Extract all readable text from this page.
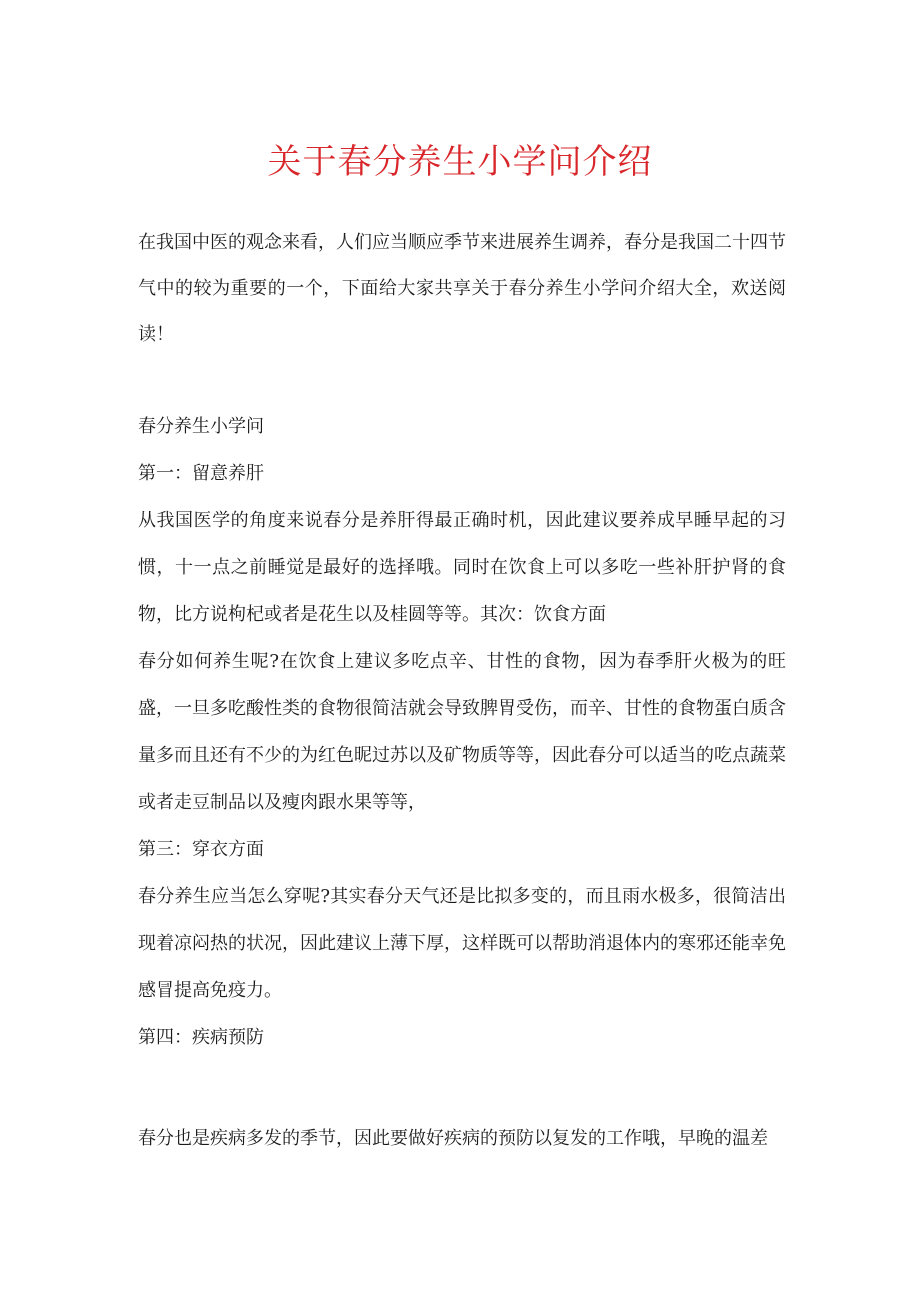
关于春分养生小学问介绍

在我国中医的观念来看，人们应当顺应季节来进展养生调养，春分是我国二十四节气中的较为重要的一个，下面给大家共享关于春分养生小学问介绍大全，欢送阅读！

春分养生小学问

第一：留意养肝

从我国医学的角度来说春分是养肝得最正确时机，因此建议要养成早睡早起的习惯，十一点之前睡觉是最好的选择哦。同时在饮食上可以多吃一些补肝护肾的食物，比方说枸杞或者是花生以及桂圆等等。其次：饮食方面

春分如何养生呢?在饮食上建议多吃点辛、甘性的食物，因为春季肝火极为的旺盛，一旦多吃酸性类的食物很简洁就会导致脾胃受伤，而辛、甘性的食物蛋白质含量多而且还有不少的为红色昵过苏以及矿物质等等，因此春分可以适当的吃点蔬菜或者走豆制品以及瘦肉跟水果等等，

第三：穿衣方面

春分养生应当怎么穿呢?其实春分天气还是比拟多变的，而且雨水极多，很简洁出现着凉闷热的状况，因此建议上薄下厚，这样既可以帮助消退体内的寒邪还能幸免感冒提高免疫力。

第四：疾病预防

春分也是疾病多发的季节，因此要做好疾病的预防以复发的工作哦，早晚的温差
